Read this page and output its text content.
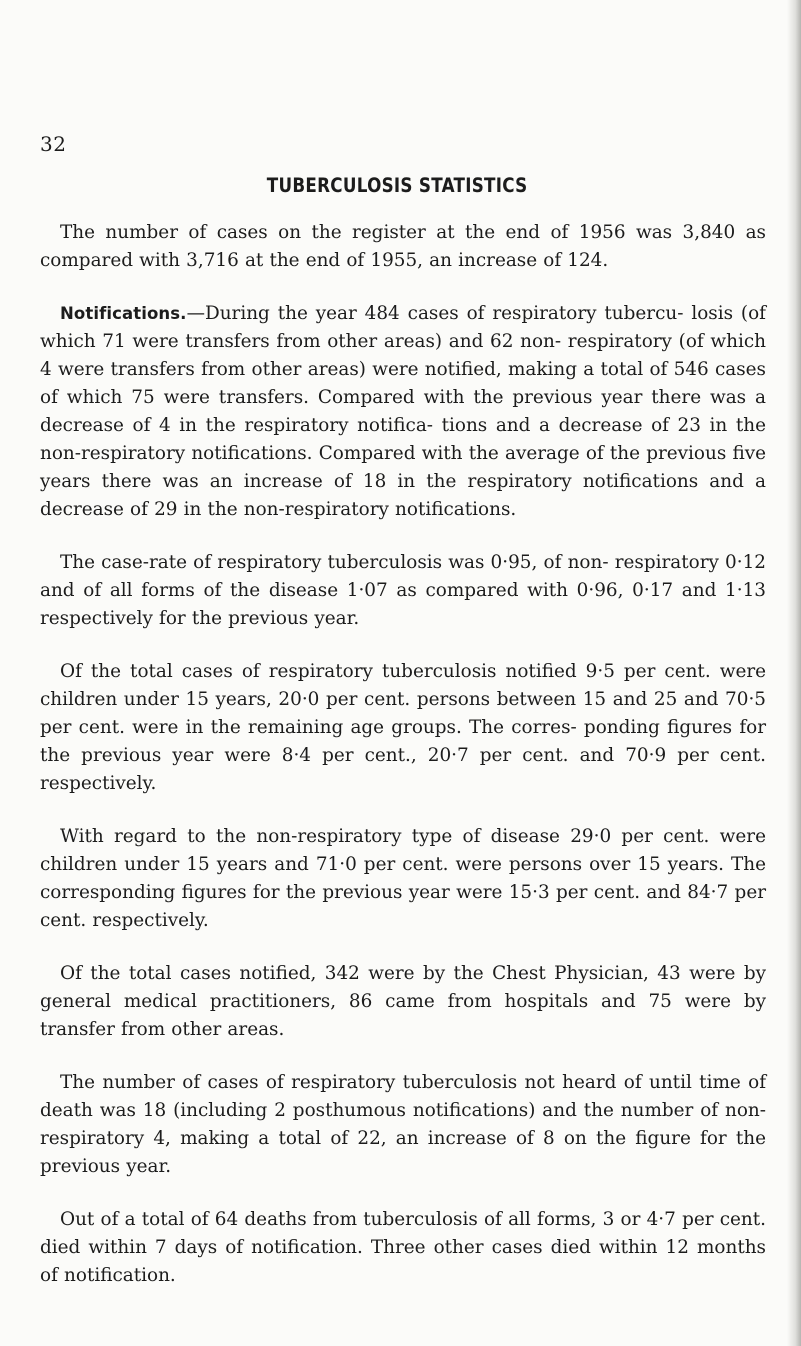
32
TUBERCULOSIS STATISTICS

The number of cases on the register at the end of 1956 was 3,840 as compared with 3,716 at the end of 1955, an increase of 124.

Notifications.—During the year 484 cases of respiratory tubercu- losis (of which 71 were transfers from other areas) and 62 non- respiratory (of which 4 were transfers from other areas) were notified, making a total of 546 cases of which 75 were transfers. Compared with the previous year there was a decrease of 4 in the respiratory notifica- tions and a decrease of 23 in the non-respiratory notifications. Compared with the average of the previous five years there was an increase of 18 in the respiratory notifications and a decrease of 29 in the non-respiratory notifications.

The case-rate of respiratory tuberculosis was 0·95, of non- respiratory 0·12 and of all forms of the disease 1·07 as compared with 0·96, 0·17 and 1·13 respectively for the previous year.

Of the total cases of respiratory tuberculosis notified 9·5 per cent. were children under 15 years, 20·0 per cent. persons between 15 and 25 and 70·5 per cent. were in the remaining age groups. The corres- ponding figures for the previous year were 8·4 per cent., 20·7 per cent. and 70·9 per cent. respectively.

With regard to the non-respiratory type of disease 29·0 per cent. were children under 15 years and 71·0 per cent. were persons over 15 years. The corresponding figures for the previous year were 15·3 per cent. and 84·7 per cent. respectively.

Of the total cases notified, 342 were by the Chest Physician, 43 were by general medical practitioners, 86 came from hospitals and 75 were by transfer from other areas.

The number of cases of respiratory tuberculosis not heard of until time of death was 18 (including 2 posthumous notifications) and the number of non-respiratory 4, making a total of 22, an increase of 8 on the figure for the previous year.

Out of a total of 64 deaths from tuberculosis of all forms, 3 or 4·7 per cent. died within 7 days of notification. Three other cases died within 12 months of notification.
